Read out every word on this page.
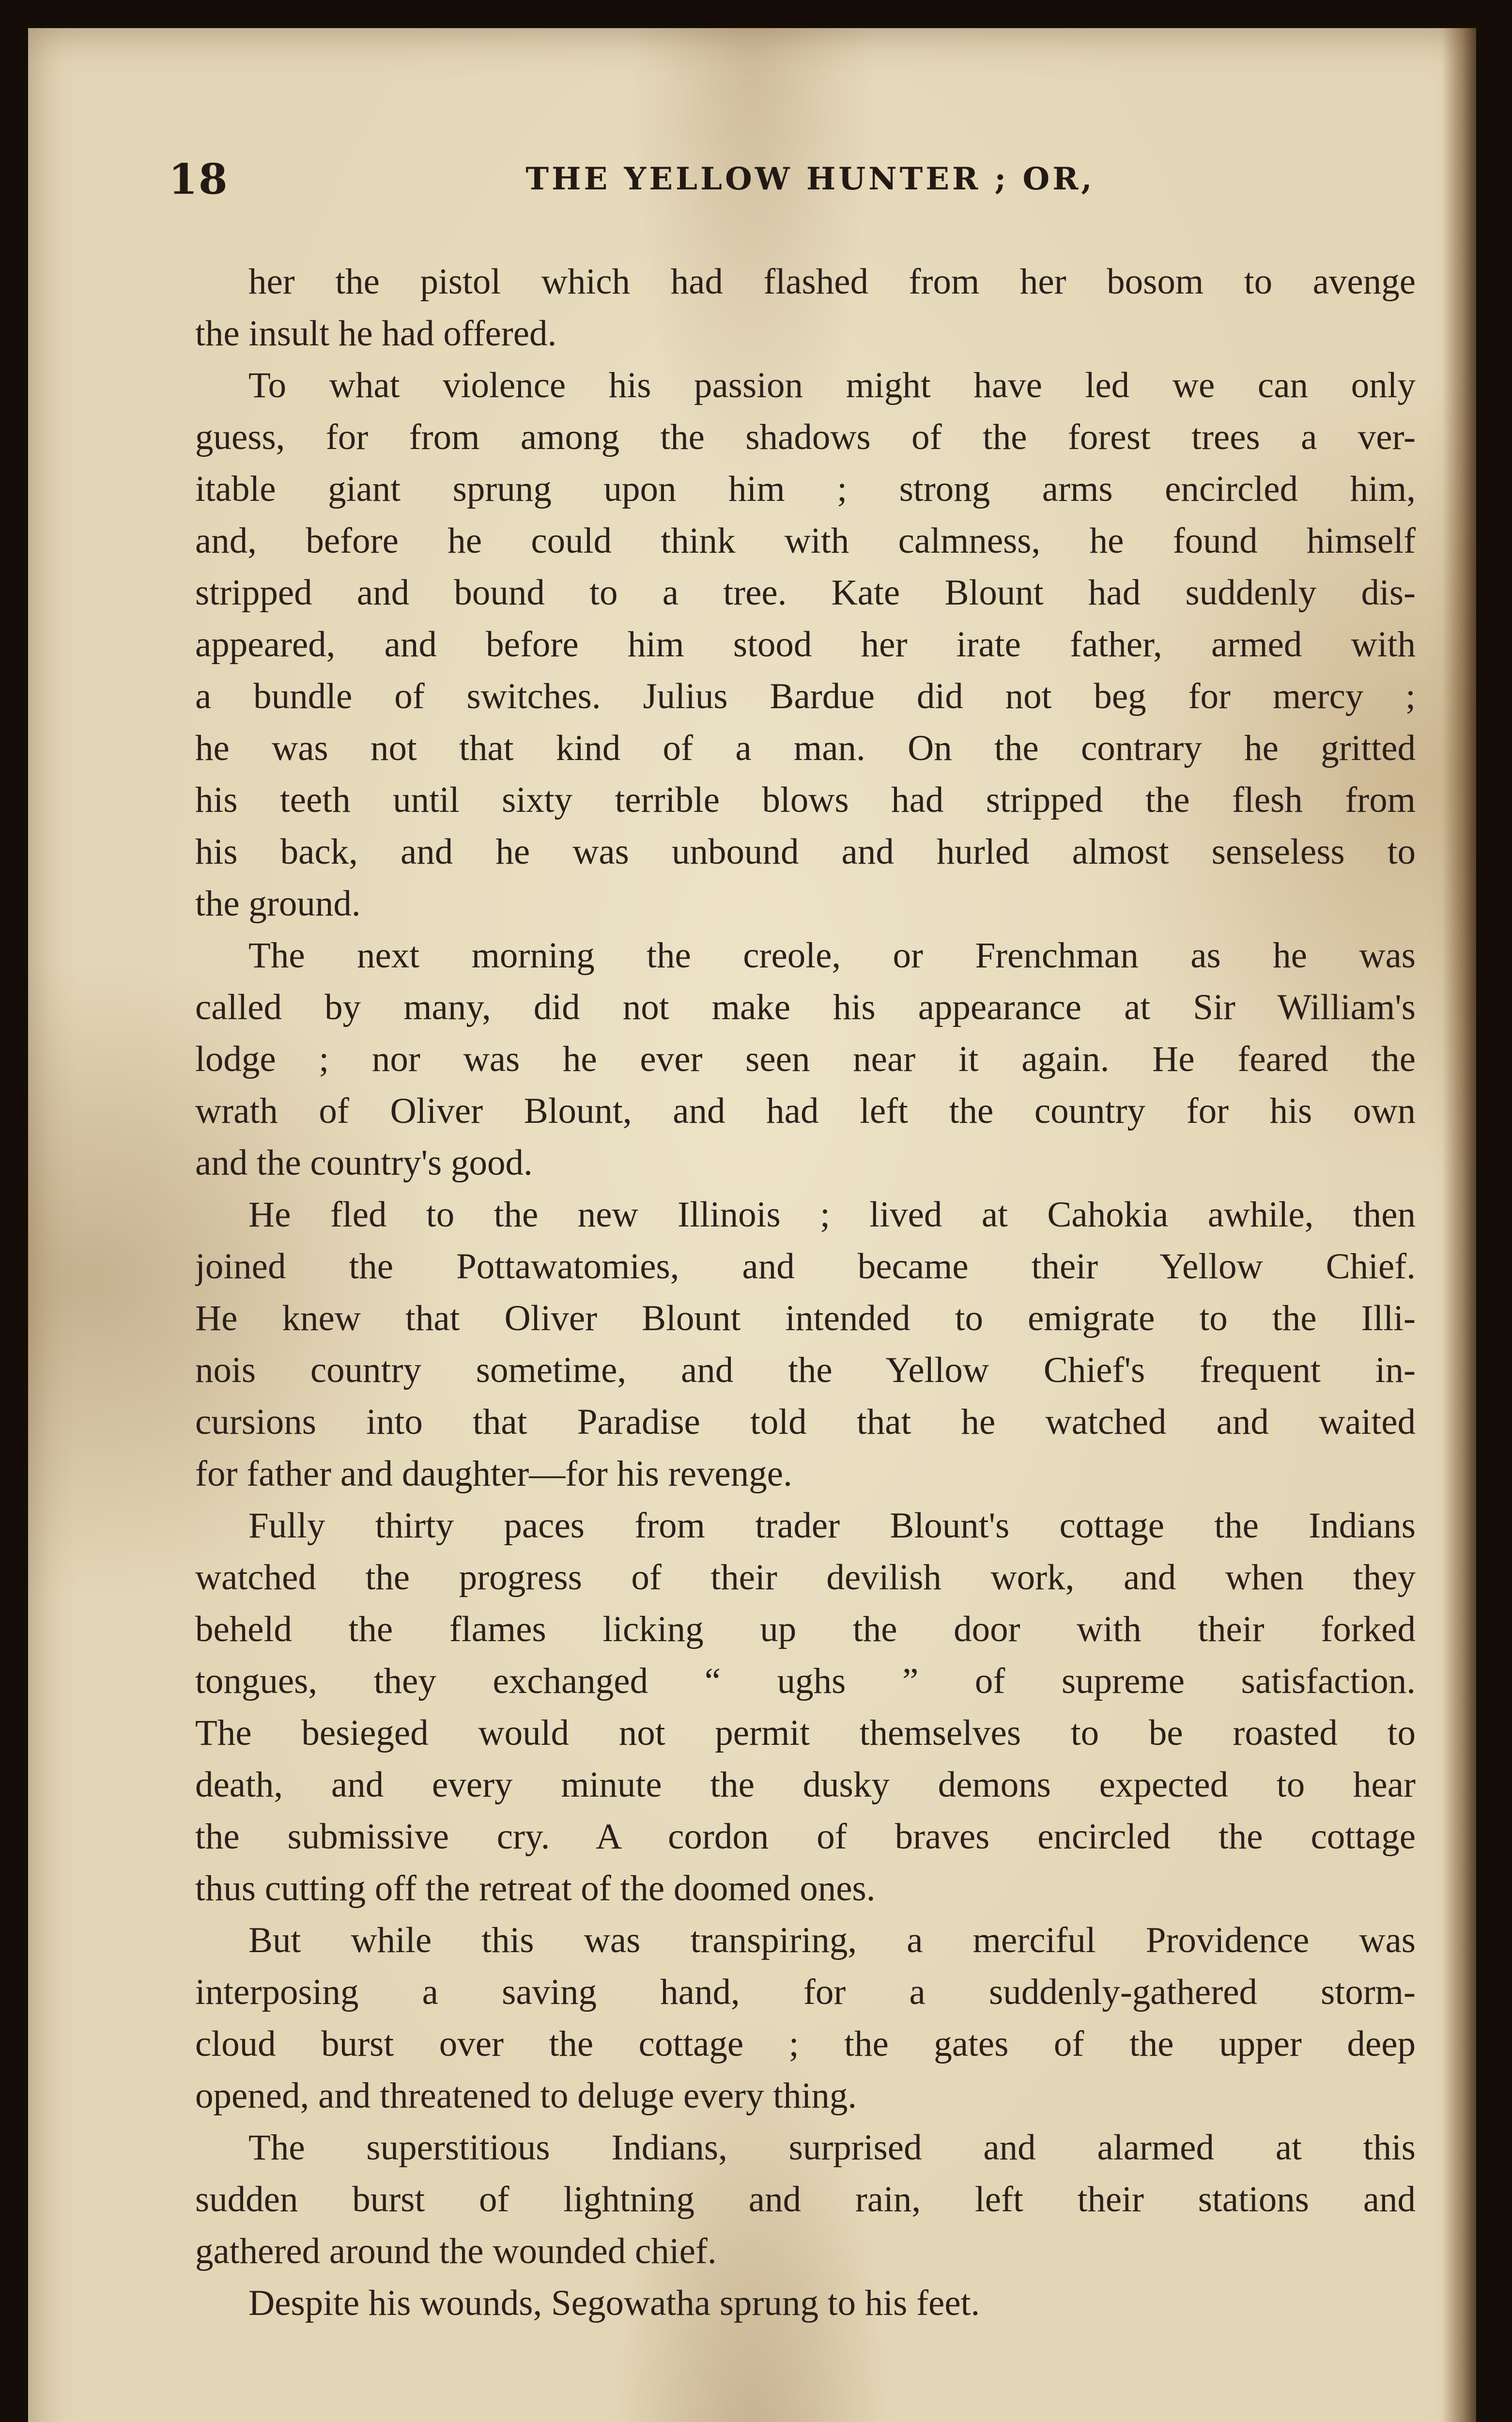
18	THE YELLOW HUNTER ; OR,
her the pistol which had flashed from her bosom to avenge
the insult he had offered.
To what violence his passion might have led we can only
guess, for from among the shadows of the forest trees a ver-
itable giant sprung upon him ; strong arms encircled him,
and, before he could think with calmness, he found himself
stripped and bound to a tree. Kate Blount had suddenly dis-
appeared, and before him stood her irate father, armed with
a bundle of switches. Julius Bardue did not beg for mercy ;
he was not that kind of a man. On the contrary he gritted
his teeth until sixty terrible blows had stripped the flesh from
his back, and he was unbound and hurled almost senseless to
the ground.
The next morning the creole, or Frenchman as he was
called by many, did not make his appearance at Sir William's
lodge ; nor was he ever seen near it again. He feared the
wrath of Oliver Blount, and had left the country for his own
and the country's good.
He fled to the new Illinois ; lived at Cahokia awhile, then
joined the Pottawatomies, and became their Yellow Chief.
He knew that Oliver Blount intended to emigrate to the Illi-
nois country sometime, and the Yellow Chief's frequent in-
cursions into that Paradise told that he watched and waited
for father and daughter—for his revenge.
Fully thirty paces from trader Blount's cottage the Indians
watched the progress of their devilish work, and when they
beheld the flames licking up the door with their forked
tongues, they exchanged “ ughs ” of supreme satisfaction.
The besieged would not permit themselves to be roasted to
death, and every minute the dusky demons expected to hear
the submissive cry. A cordon of braves encircled the cottage
thus cutting off the retreat of the doomed ones.
But while this was transpiring, a merciful Providence was
interposing a saving hand, for a suddenly-gathered storm-
cloud burst over the cottage ; the gates of the upper deep
opened, and threatened to deluge every thing.
The superstitious Indians, surprised and alarmed at this
sudden burst of lightning and rain, left their stations and
gathered around the wounded chief.
Despite his wounds, Segowatha sprung to his feet.
